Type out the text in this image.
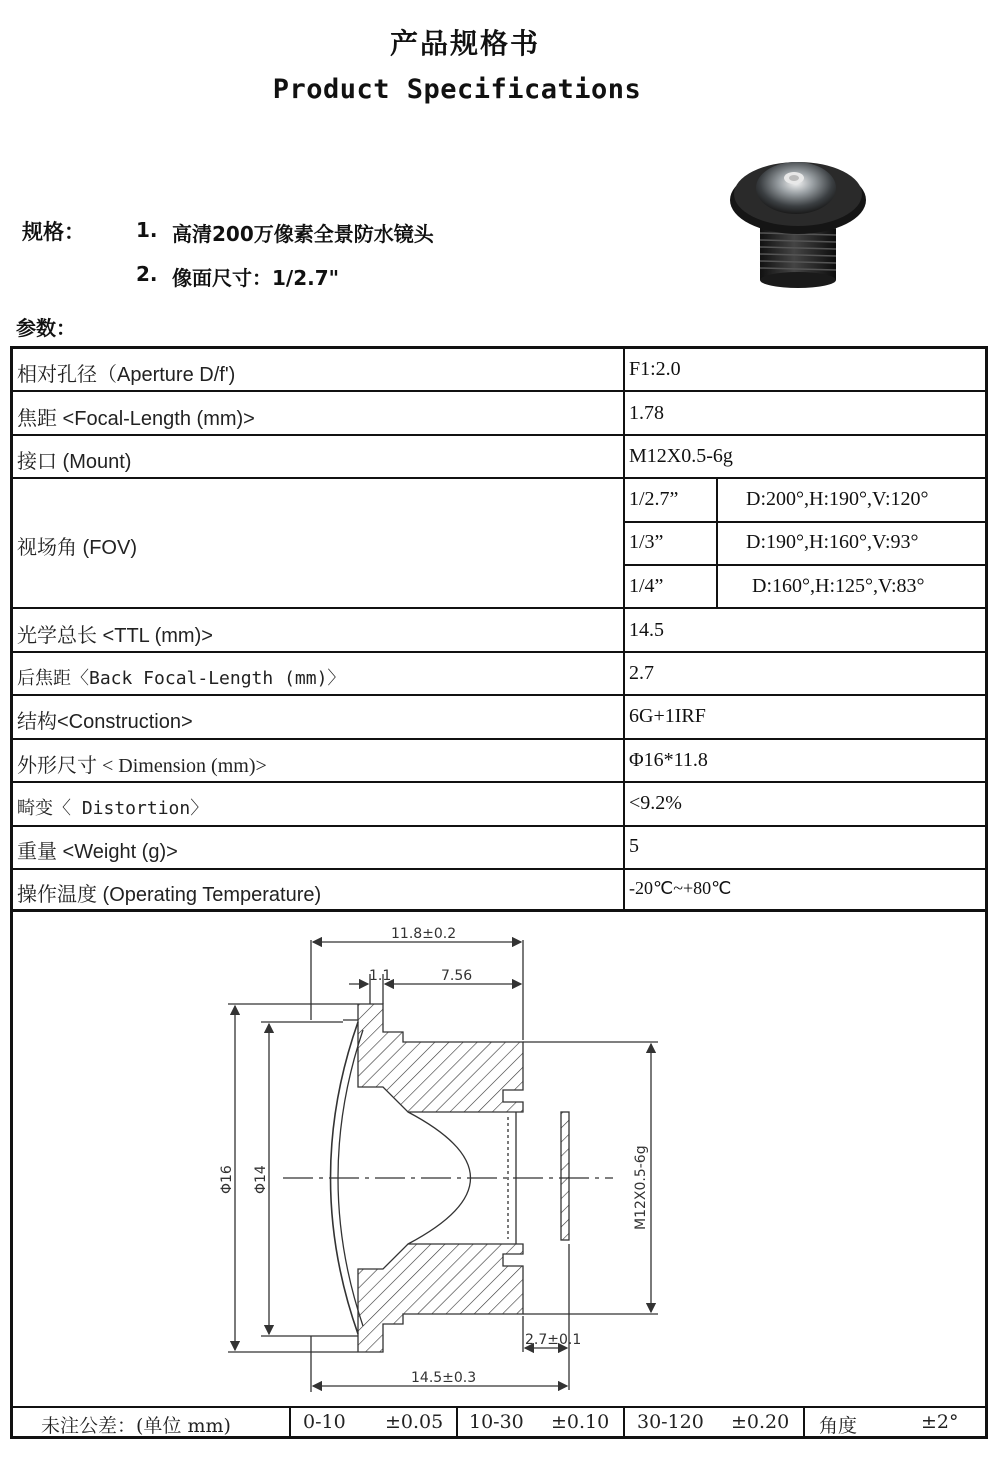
产品规格书
Product Specifications
规格：	1. 高清200万像素全景防水镜头
2. 像面尺寸：1/2.7"
参数：
相对孔径（Aperture D/f')	F1:2.0
焦距 <Focal-Length (mm)>	1.78
接口 (Mount)	M12X0.5-6g
视场角 (FOV)
1/2.7”	D:200°,H:190°,V:120°
1/3”	D:190°,H:160°,V:93°
1/4”	D:160°,H:125°,V:83°
光学总长 <TTL (mm)>	14.5
后焦距〈Back Focal-Length (mm)〉	2.7
结构<Construction>	6G+1IRF
外形尺寸 < Dimension (mm)>	Φ16*11.8
畸变〈 Distortion〉	<9.2%
重量 <Weight (g)>	5
操作温度 (Operating Temperature)	-20℃~+80℃
11.8±0.2
1.1	7.56
Φ16 Φ14	M12X0.5-6g
2.7±0.1
14.5±0.3
未注公差：(单位 mm)	0-10 ±0.05 10-30 ±0.10 30-120 ±0.20 角度	±2°
